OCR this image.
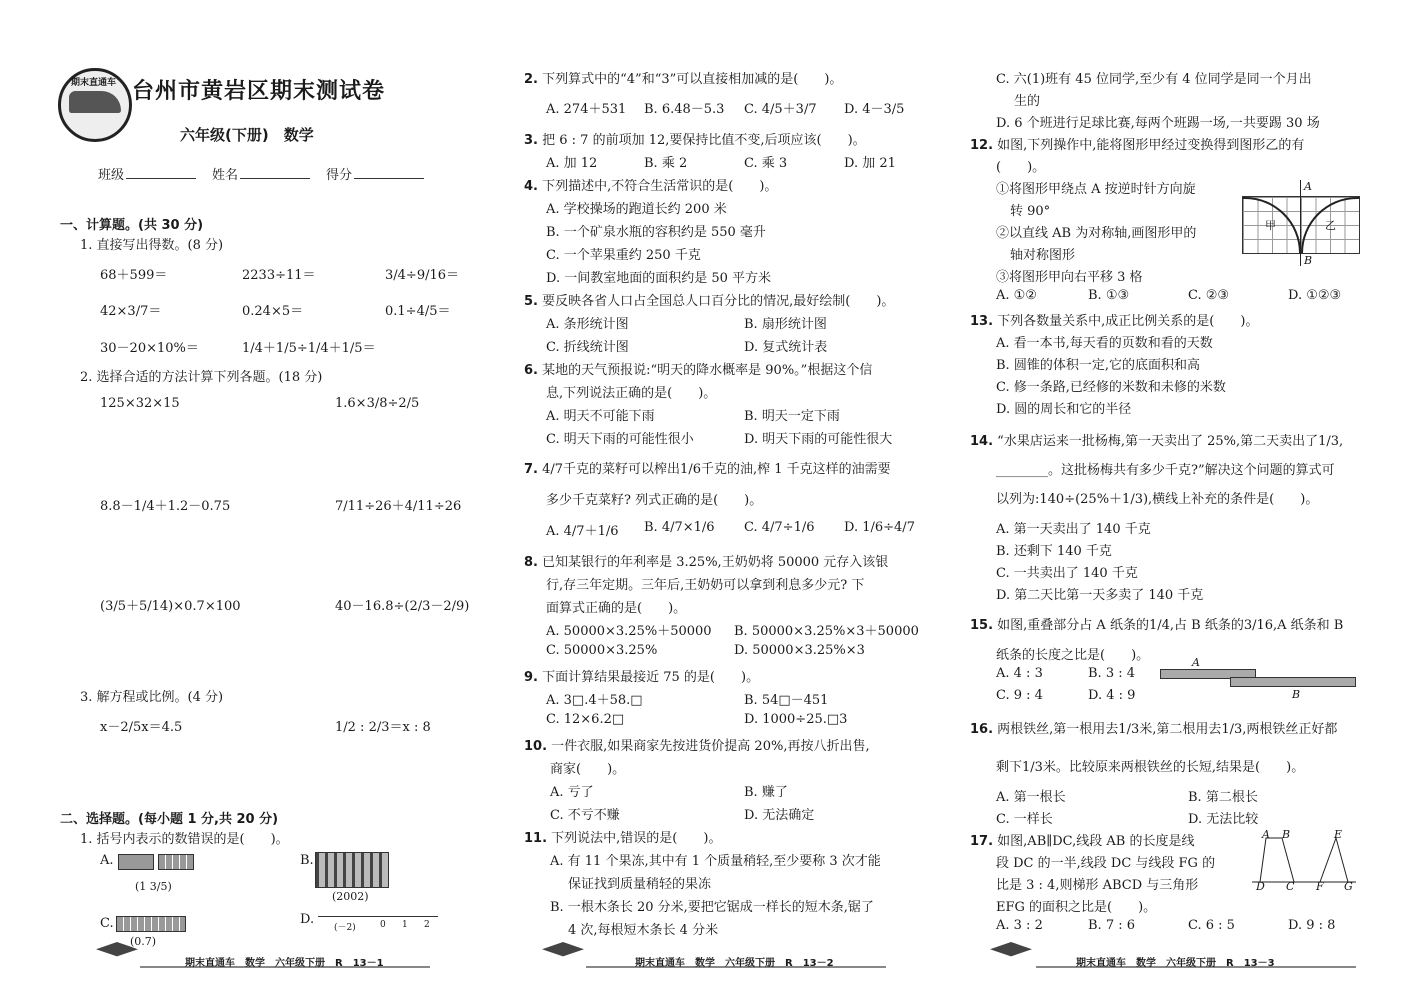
期末直通车 台州市黄岩区期末测试卷
六年级(下册)　数学
班级	姓名	得分
一、计算题。(共 30 分)
1. 直接写出得数。(8 分)
68＋599＝	2233÷11＝	3/4÷9/16＝
42×3/7＝	0.24×5＝	0.1÷4/5＝
30－20×10%＝	1/4＋1/5÷1/4＋1/5＝
2. 选择合适的方法计算下列各题。(18 分)
125×32×15	1.6×3/8÷2/5
8.8－1/4＋1.2－0.75	7/11÷26＋4/11÷26
(3/5＋5/14)×0.7×100	40－16.8÷(2/3－2/9)
3. 解方程或比例。(4 分)
x－2/5x＝4.5	1/2 : 2/3＝x : 8
二、选择题。(每小题 1 分,共 20 分)
1. 括号内表示的数错误的是(　　)。
A.
(1 3/5)
B.
(2002)
C.
(0.7)
D.
(－2)	0 1 2
期末直通车　数学　六年级下册　R　13－1
2. 下列算式中的“4”和“3”可以直接相加减的是(　　)。
A. 274＋531 B. 6.48－5.3 C. 4/5＋3/7 D. 4－3/5
3. 把 6 : 7 的前项加 12,要保持比值不变,后项应该(　　)。
A. 加 12	B. 乘 2	C. 乘 3	D. 加 21
4. 下列描述中,不符合生活常识的是(　　)。
A. 学校操场的跑道长约 200 米
B. 一个矿泉水瓶的容积约是 550 毫升
C. 一个苹果重约 250 千克
D. 一间教室地面的面积约是 50 平方米
5. 要反映各省人口占全国总人口百分比的情况,最好绘制(　　)。
A. 条形统计图	B. 扇形统计图
C. 折线统计图	D. 复式统计表
6. 某地的天气预报说:“明天的降水概率是 90%。”根据这个信
息,下列说法正确的是(　　)。
A. 明天不可能下雨	B. 明天一定下雨
C. 明天下雨的可能性很小	D. 明天下雨的可能性很大
7. 4/7千克的菜籽可以榨出1/6千克的油,榨 1 千克这样的油需要
多少千克菜籽? 列式正确的是(　　)。
A. 4/7＋1/6 B. 4/7×1/6 C. 4/7÷1/6 D. 1/6÷4/7
8. 已知某银行的年利率是 3.25%,王奶奶将 50000 元存入该银
行,存三年定期。三年后,王奶奶可以拿到利息多少元? 下
面算式正确的是(　　)。
A. 50000×3.25%＋50000 B. 50000×3.25%×3＋50000
C. 50000×3.25%	D. 50000×3.25%×3
9. 下面计算结果最接近 75 的是(　　)。
A. 3□.4＋58.□	B. 54□－451
C. 12×6.2□	D. 1000÷25.□3
10. 一件衣服,如果商家先按进货价提高 20%,再按八折出售,
商家(　　)。
A. 亏了	B. 赚了
C. 不亏不赚	D. 无法确定
11. 下列说法中,错误的是(　　)。
A. 有 11 个果冻,其中有 1 个质量稍轻,至少要称 3 次才能
保证找到质量稍轻的果冻
B. 一根木条长 20 分米,要把它锯成一样长的短木条,锯了
4 次,每根短木条长 4 分米
期末直通车　数学　六年级下册　R　13－2
C. 六(1)班有 45 位同学,至少有 4 位同学是同一个月出
生的
D. 6 个班进行足球比赛,每两个班踢一场,一共要踢 30 场
12. 如图,下列操作中,能将图形甲经过变换得到图形乙的有
(　　)。
①将图形甲绕点 A 按逆时针方向旋
转 90°
②以直线 AB 为对称轴,画图形甲的
轴对称图形
③将图形甲向右平移 3 格
甲	乙
A
B
A. ①②	B. ①③	C. ②③	D. ①②③
13. 下列各数量关系中,成正比例关系的是(　　)。
A. 看一本书,每天看的页数和看的天数
B. 圆锥的体积一定,它的底面积和高
C. 修一条路,已经修的米数和未修的米数
D. 圆的周长和它的半径
14. “水果店运来一批杨梅,第一天卖出了 25%,第二天卖出了1/3,
________。这批杨梅共有多少千克?”解决这个问题的算式可
以列为:140÷(25%＋1/3),横线上补充的条件是(　　)。
A. 第一天卖出了 140 千克
B. 还剩下 140 千克
C. 一共卖出了 140 千克
D. 第二天比第一天多卖了 140 千克
15. 如图,重叠部分占 A 纸条的1/4,占 B 纸条的3/16,A 纸条和 B
纸条的长度之比是(　　)。
A. 4 : 3	B. 3 : 4
C. 9 : 4	D. 4 : 9
A
B
16. 两根铁丝,第一根用去1/3米,第二根用去1/3,两根铁丝正好都
剩下1/3米。比较原来两根铁丝的长短,结果是(　　)。
A. 第一根长	B. 第二根长
C. 一样长	D. 无法比较
17. 如图,AB∥DC,线段 AB 的长度是线
段 DC 的一半,线段 DC 与线段 FG 的
比是 3 : 4,则梯形 ABCD 与三角形
EFG 的面积之比是(　　)。
A B	E
D C F G
A. 3 : 2	B. 7 : 6	C. 6 : 5	D. 9 : 8
期末直通车　数学　六年级下册　R　13－3
